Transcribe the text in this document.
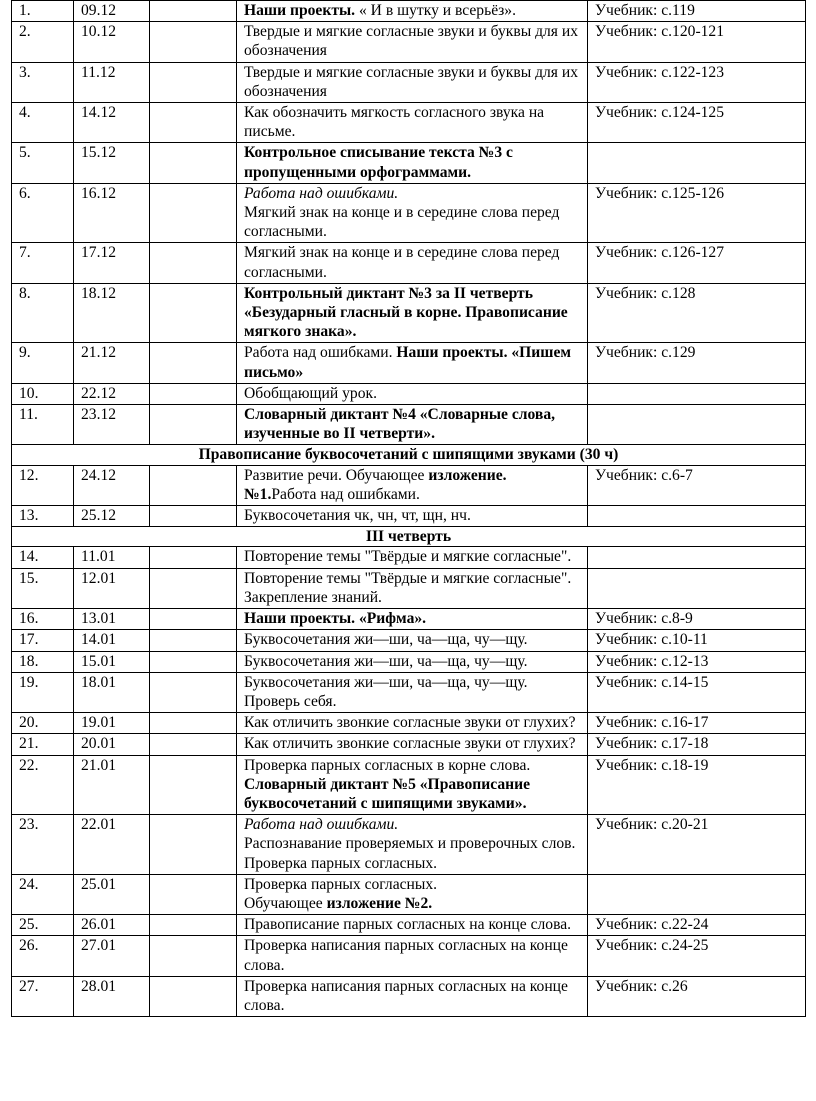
1.	09.12		Наши проекты. « И в шутку и всерьёз».	Учебник: с.119
2.	10.12		Твердые и мягкие согласные звуки и буквы для их обозначения	Учебник: с.120-121
3.	11.12		Твердые и мягкие согласные звуки и буквы для их обозначения	Учебник: с.122-123
4.	14.12		Как обозначить мягкость согласного звука на письме.	Учебник: с.124-125
5.	15.12		Контрольное списывание текста №3 с пропущенными орфограммами.	

6.	16.12		Работа над ошибками.
Мягкий знак на конце и в середине слова перед согласными.	Учебник: с.125-126
7.	17.12		Мягкий знак на конце и в середине слова перед согласными.	Учебник: с.126-127
8.	18.12		Контрольный диктант №3 за II четверть «Безударный гласный в корне. Правописание мягкого знака».	Учебник: с.128
9.	21.12		Работа над ошибками. Наши проекты. «Пишем письмо»	Учебник: с.129
10.	22.12		Обобщающий урок.	

11.	23.12		Словарный диктант №4 «Словарные слова, изученные во II четверти».	

Правописание буквосочетаний с шипящими звуками (30 ч)				
12.	24.12		Развитие речи. Обучающее изложение. №1.Работа над ошибками.	Учебник: с.6-7
13.	25.12		Буквосочетания чк, чн, чт, щн, нч.	

III четверть				
14.	11.01		Повторение темы "Твёрдые и мягкие согласные".	

15.	12.01		Повторение темы "Твёрдые и мягкие согласные". Закрепление знаний.	

16.	13.01		Наши проекты. «Рифма».	Учебник: с.8-9
17.	14.01		Буквосочетания жи—ши, ча—ща, чу—щу.	Учебник: с.10-11
18.	15.01		Буквосочетания жи—ши, ча—ща, чу—щу.	Учебник: с.12-13
19.	18.01		Буквосочетания жи—ши, ча—ща, чу—щу. Проверь себя.	Учебник: с.14-15
20.	19.01		Как отличить звонкие согласные звуки от глухих?	Учебник: с.16-17
21.	20.01		Как отличить звонкие согласные звуки от глухих?	Учебник: с.17-18
22.	21.01		Проверка парных согласных в корне слова.
Словарный диктант №5 «Правописание буквосочетаний с шипящими звуками».	Учебник: с.18-19
23.	22.01		Работа над ошибками.
Распознавание проверяемых и проверочных слов. Проверка парных согласных.	Учебник: с.20-21
24.	25.01		Проверка парных согласных.
Обучающее изложение №2.	

25.	26.01		Правописание парных согласных на конце слова.	Учебник: с.22-24
26.	27.01		Проверка написания парных согласных на конце слова.	Учебник: с.24-25
27.	28.01		Проверка написания парных согласных на конце слова.	Учебник: с.26
